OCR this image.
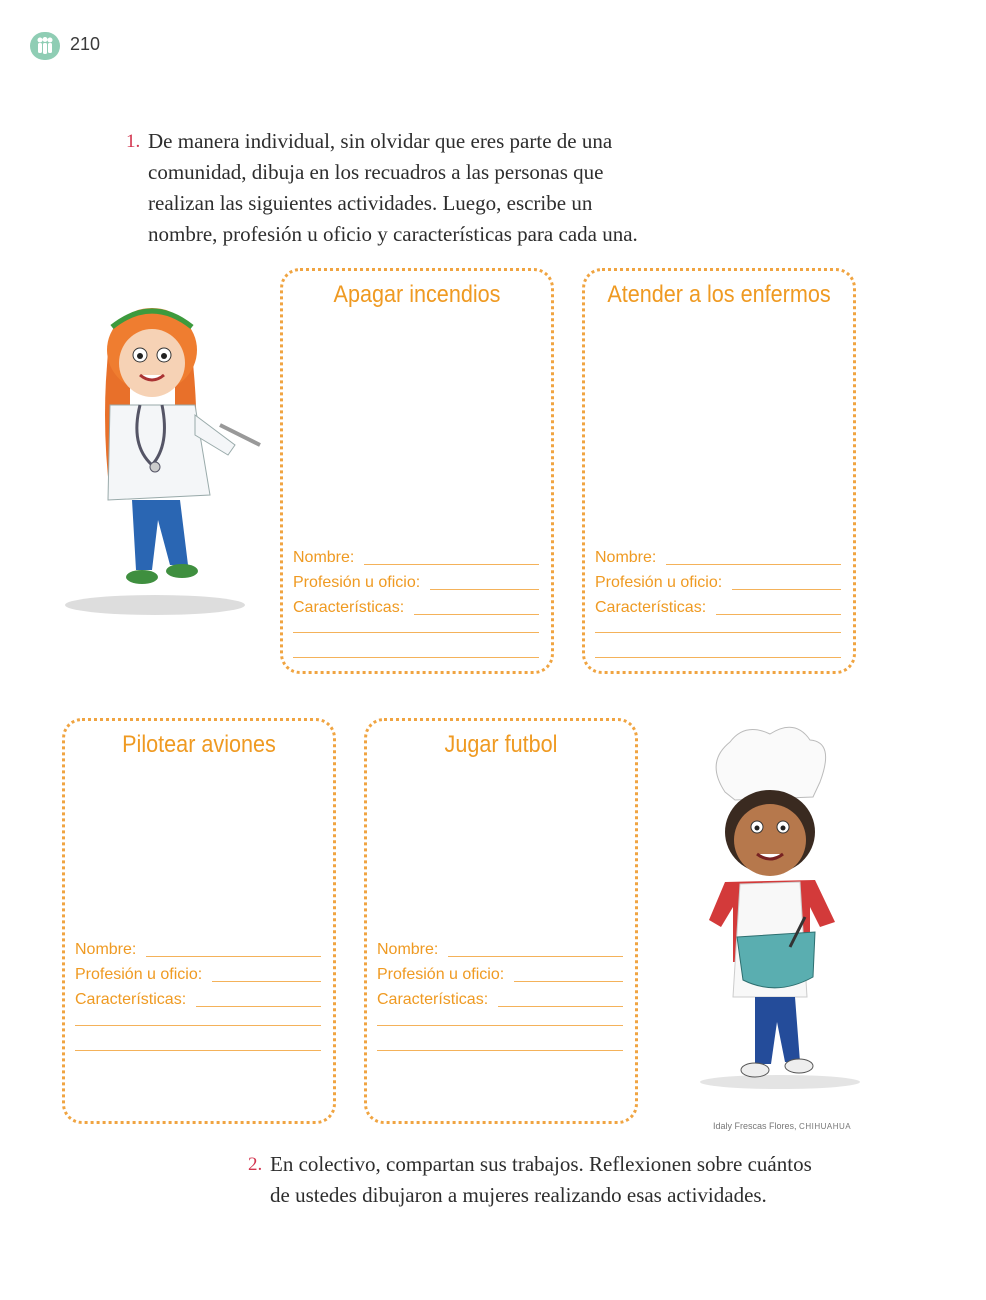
210
1. De manera individual, sin olvidar que eres parte de una
comunidad, dibuja en los recuadros a las personas que
realizan las siguientes actividades. Luego, escribe un
nombre, profesión u oficio y características para cada una.
Apagar incendios
Nombre:
Profesión u oficio:
Características:
Atender a los enfermos
Nombre:
Profesión u oficio:
Características:
Pilotear aviones
Nombre:
Profesión u oficio:
Características:
Jugar futbol
Nombre:
Profesión u oficio:
Características:
Idaly Frescas Flores, CHIHUAHUA
2. En colectivo, compartan sus trabajos. Reflexionen sobre cuántos
de ustedes dibujaron a mujeres realizando esas actividades.
